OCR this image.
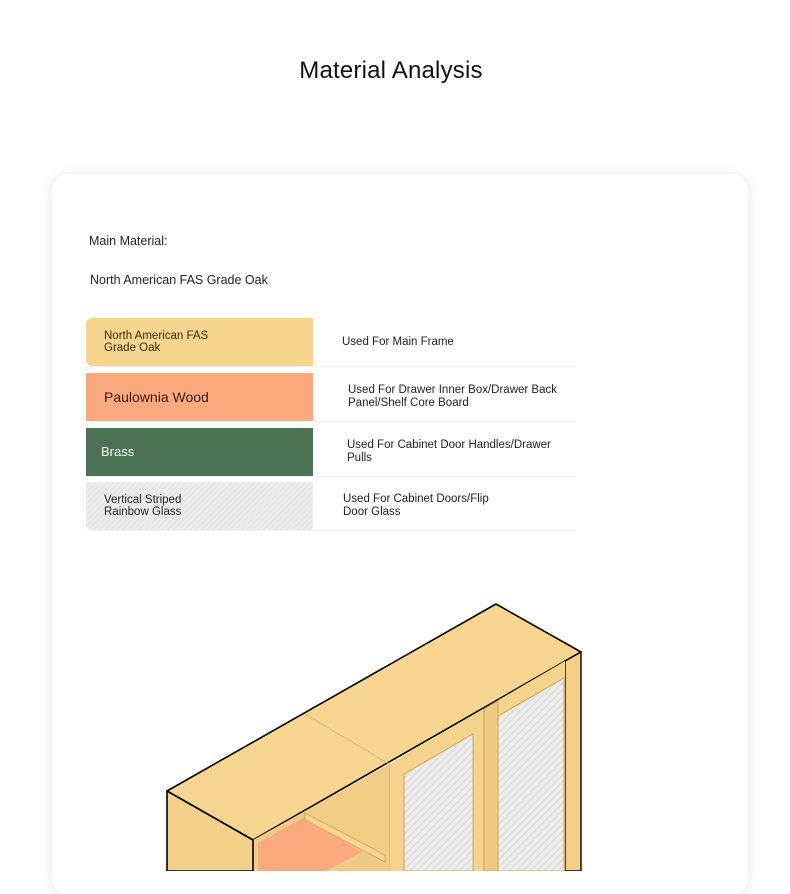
Material Analysis
Main Material:
North American FAS Grade Oak
North American FAS
Grade Oak
Used For Main Frame
Paulownia Wood	Used For Drawer Inner Box/Drawer Back Panel/Shelf Core Board
Brass	Used For Cabinet Door Handles/Drawer Pulls
Vertical Striped
Rainbow Glass
Used For Cabinet Doors/Flip
Door Glass
